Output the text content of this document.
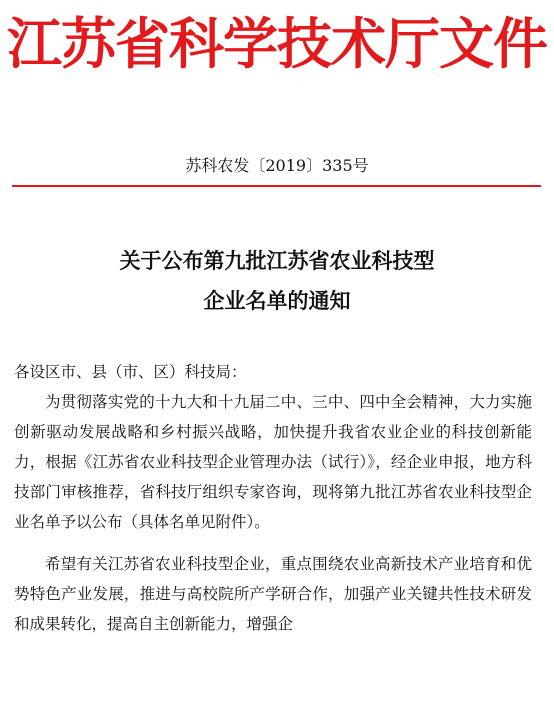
江苏省科学技术厅文件
苏科农发〔2019〕335号
关于公布第九批江苏省农业科技型
企业名单的通知

各设区市、县（市、区）科技局：

为贯彻落实党的十九大和十九届二中、三中、四中全会精神，大力实施创新驱动发展战略和乡村振兴战略，加快提升我省农业企业的科技创新能力，根据《江苏省农业科技型企业管理办法（试行）》，经企业申报，地方科技部门审核推荐，省科技厅组织专家咨询，现将第九批江苏省农业科技型企业名单予以公布（具体名单见附件）。

希望有关江苏省农业科技型企业，重点围绕农业高新技术产业培育和优势特色产业发展，推进与高校院所产学研合作，加强产业关键共性技术研发和成果转化，提高自主创新能力，增强企
